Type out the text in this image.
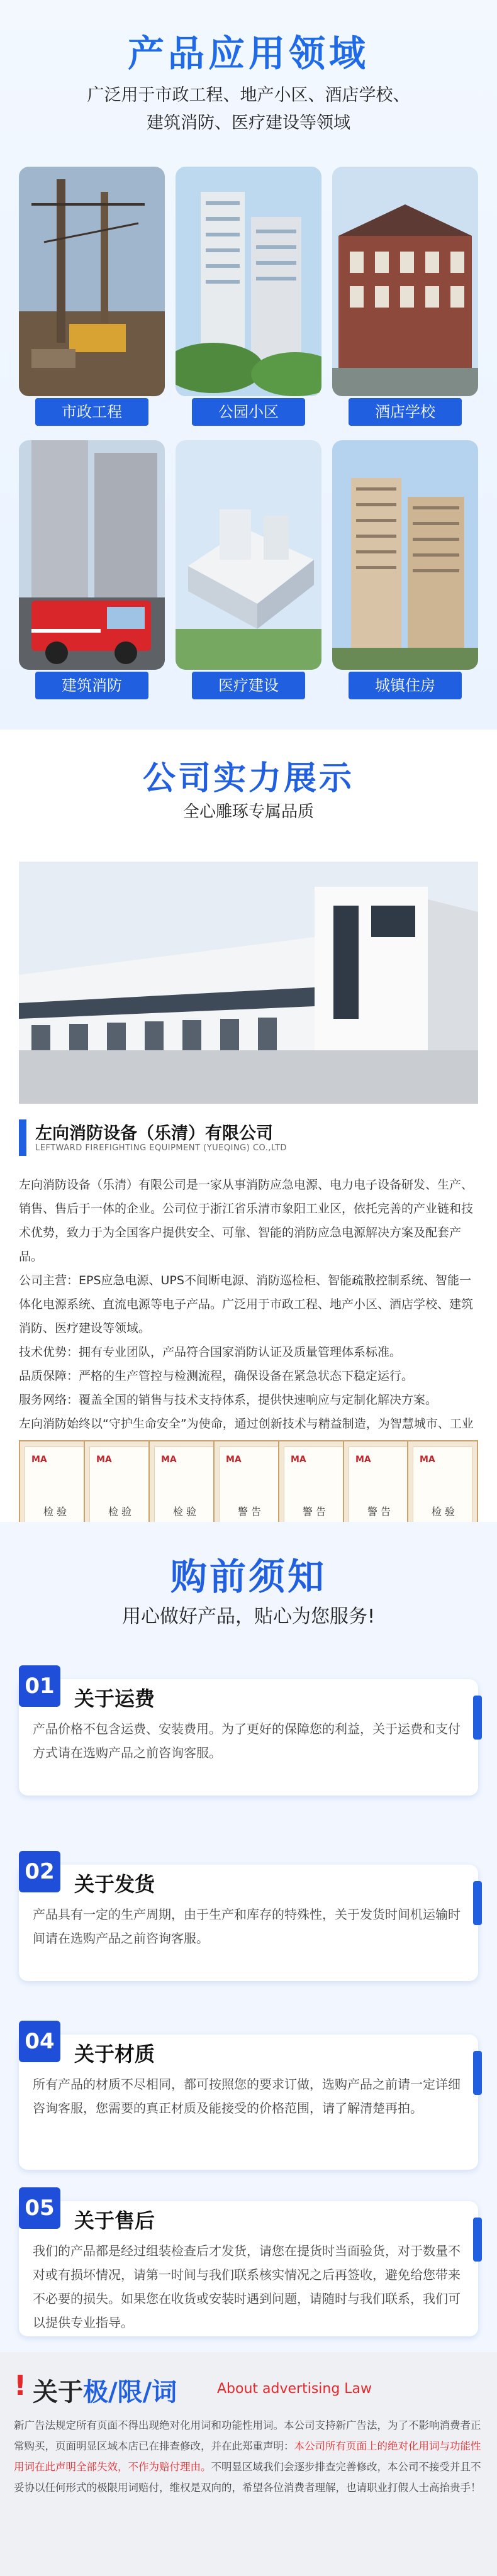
产品应用领域
广泛用于市政工程、地产小区、酒店学校、
建筑消防、医疗建设等领域
市政工程	公园小区	酒店学校
建筑消防	医疗建设	城镇住房
公司实力展示
全心雕琢专属品质
左向消防设备（乐清）有限公司
LEFTWARD FIREFIGHTING EQUIPMENT (YUEQING) CO.,LTD

左向消防设备（乐清）有限公司是一家从事消防应急电源、电力电子设备研发、生产、销售、售后于一体的企业。公司位于浙江省乐清市象阳工业区，依托完善的产业链和技术优势，致力于为全国客户提供安全、可靠、智能的消防应急电源解决方案及配套产品。

公司主营：EPS应急电源、UPS不间断电源、消防巡检柜、智能疏散控制系统、智能一体化电源系统、直流电源等电子产品。广泛用于市政工程、地产小区、酒店学校、建筑消防、医疗建设等领域。

技术优势：拥有专业团队，产品符合国家消防认证及质量管理体系标准。

品质保障：严格的生产管控与检测流程，确保设备在紧急状态下稳定运行。

服务网络：覆盖全国的销售与技术支持体系，提供快速响应与定制化解决方案。

左向消防始终以“守护生命安全”为使命，通过创新技术与精益制造，为智慧城市、工业

MA
检 验
MA
检 验
MA
检 验
MA
警 告
MA
警 告
MA
警 告
MA
检 验
购前须知
用心做好产品，贴心为您服务!
01 关于运费
产品价格不包含运费、安装费用。为了更好的保障您的利益，关于运费和支付方式请在选购产品之前咨询客服。
02 关于发货
产品具有一定的生产周期，由于生产和库存的特殊性，关于发货时间机运输时间请在选购产品之前咨询客服。
04 关于材质
所有产品的材质不尽相同，都可按照您的要求订做，选购产品之前请一定详细咨询客服，您需要的真正材质及能接受的价格范围，请了解清楚再拍。
05 关于售后
我们的产品都是经过组装检查后才发货，请您在提货时当面验货，对于数量不对或有损坏情况，请第一时间与我们联系核实情况之后再签收，避免给您带来不必要的损失。如果您在收货或安装时遇到问题，请随时与我们联系，我们可以提供专业指导。
! 关于极/限/词	About advertising Law
新广告法规定所有页面不得出现绝对化用词和功能性用词。本公司支持新广告法，为了不影响消费者正常购买，页面明显区域本店已在排查修改，并在此郑重声明：本公司所有页面上的绝对化用词与功能性用词在此声明全部失效，不作为赔付理由。不明显区域我们会逐步排查完善修改，本公司不接受并且不妥协以任何形式的极限用词赔付，维权是双向的，希望各位消费者理解，也请职业打假人士高抬贵手！
